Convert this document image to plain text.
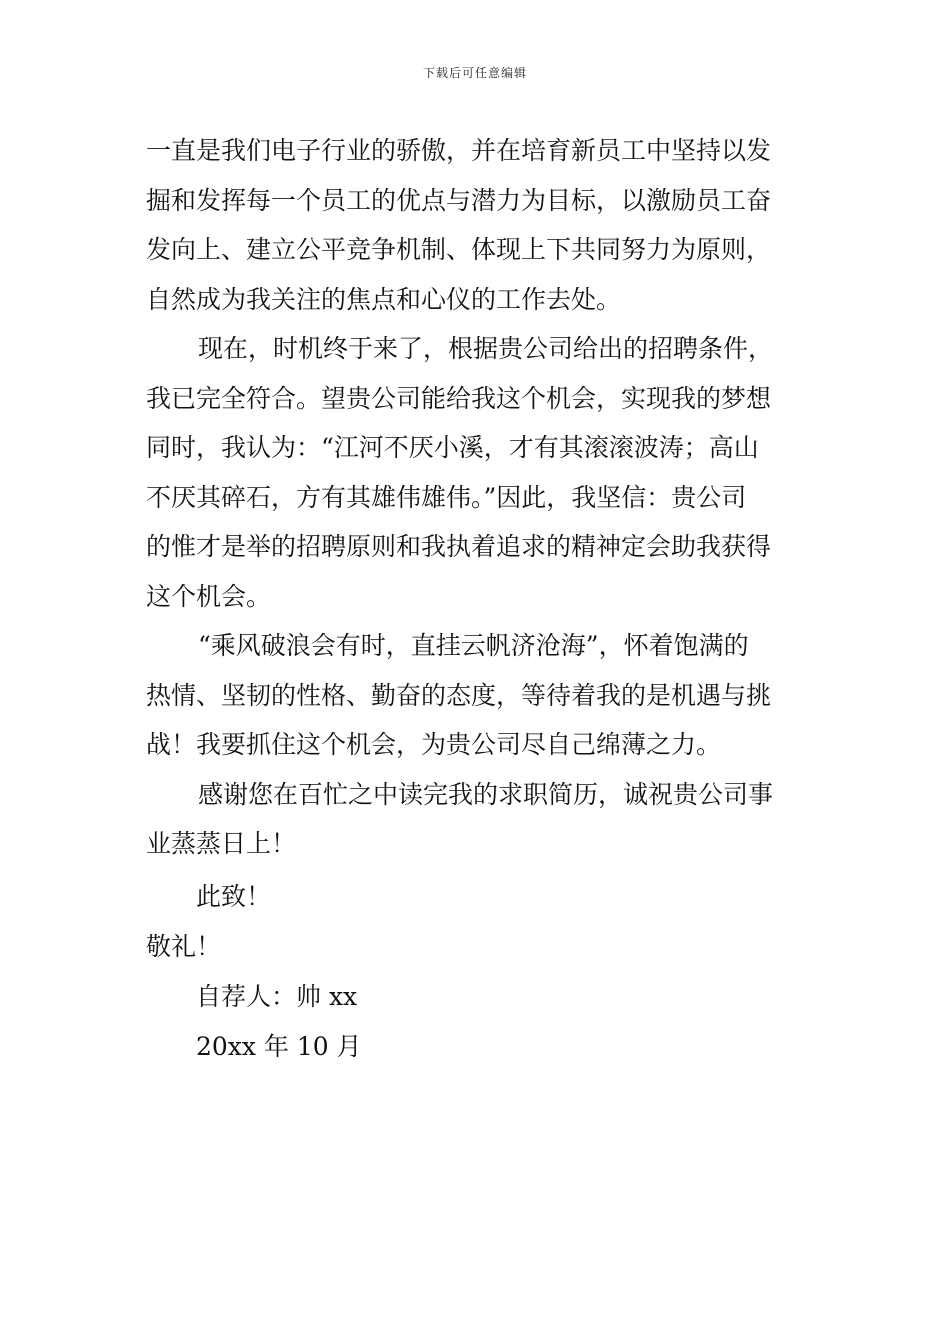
下载后可任意编辑
一直是我们电子行业的骄傲，并在培育新员工中坚持以发
掘和发挥每一个员工的优点与潜力为目标，以激励员工奋
发向上、建立公平竞争机制、体现上下共同努力为原则，
自然成为我关注的焦点和心仪的工作去处。
现在，时机终于来了，根据贵公司给出的招聘条件，
我已完全符合。望贵公司能给我这个机会，实现我的梦想
同时，我认为：“江河不厌小溪，才有其滚滚波涛；高山
不厌其碎石，方有其雄伟雄伟。”因此，我坚信：贵公司
的惟才是举的招聘原则和我执着追求的精神定会助我获得
这个机会。
“乘风破浪会有时，直挂云帆济沧海”，怀着饱满的
热情、坚韧的性格、勤奋的态度，等待着我的是机遇与挑
战！我要抓住这个机会，为贵公司尽自己绵薄之力。
感谢您在百忙之中读完我的求职简历，诚祝贵公司事
业蒸蒸日上！
此致！
敬礼！
自荐人：帅 xx
20xx 年 10 月
